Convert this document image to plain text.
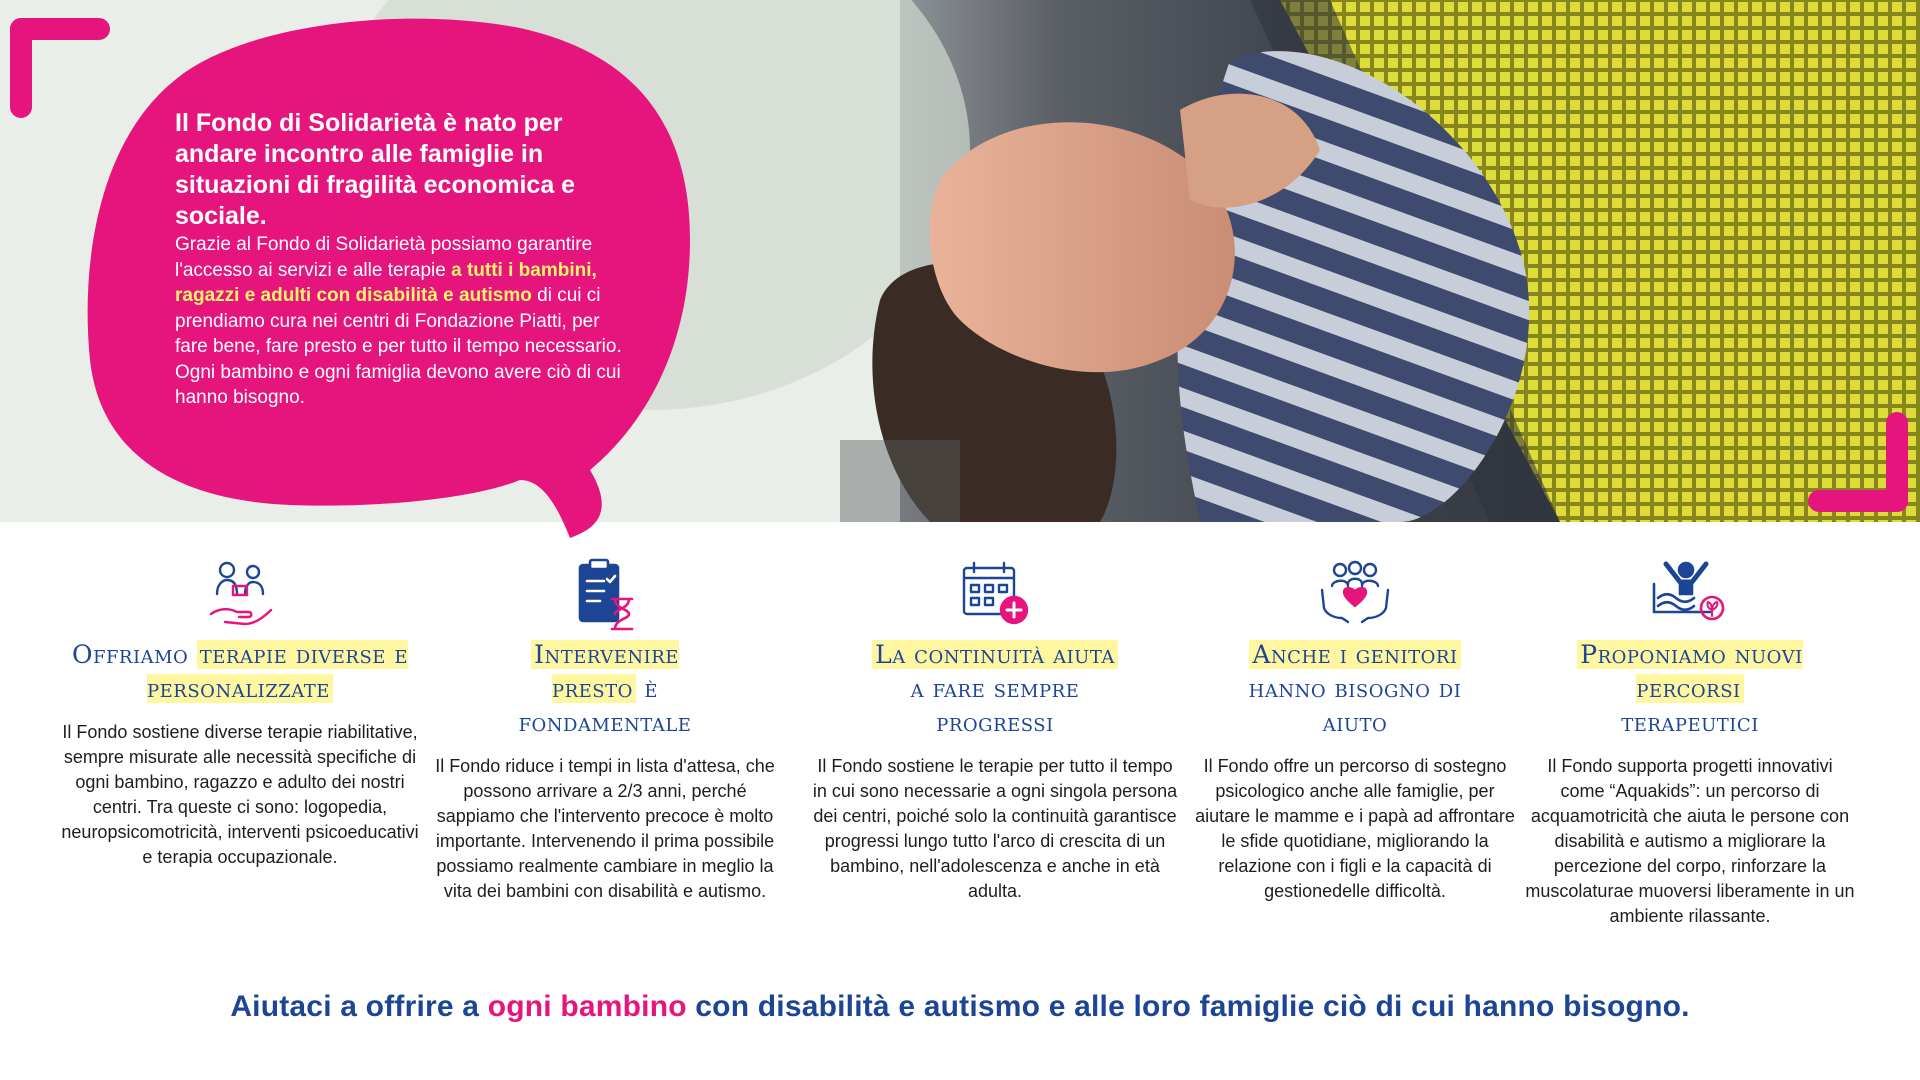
Il Fondo di Solidarietà è nato per andare incontro alle famiglie in situazioni di fragilità economica e sociale.

Grazie al Fondo di Solidarietà possiamo garantire l'accesso ai servizi e alle terapie a tutti i bambini, ragazzi e adulti con disabilità e autismo di cui ci prendiamo cura nei centri di Fondazione Piatti, per fare bene, fare presto e per tutto il tempo necessario. Ogni bambino e ogni famiglia devono avere ciò di cui hanno bisogno.

Offriamo terapie diverse e personalizzate

Il Fondo sostiene diverse terapie riabilitative, sempre misurate alle necessità specifiche di ogni bambino, ragazzo e adulto dei nostri centri. Tra queste ci sono: logopedia, neuropsicomotricità, interventi psicoeducativi e terapia occupazionale.

Intervenire presto è fondamentale

Il Fondo riduce i tempi in lista d'attesa, che possono arrivare a 2/3 anni, perché sappiamo che l'intervento precoce è molto importante. Intervenendo il prima possibile possiamo realmente cambiare in meglio la vita dei bambini con disabilità e autismo.

La continuità aiuta a fare sempre progressi

Il Fondo sostiene le terapie per tutto il tempo in cui sono necessarie a ogni singola persona dei centri, poiché solo la continuità garantisce progressi lungo tutto l'arco di crescita di un bambino, nell'adolescenza e anche in età adulta.

Anche i genitori hanno bisogno di aiuto

Il Fondo offre un percorso di sostegno psicologico anche alle famiglie, per aiutare le mamme e i papà ad affrontare le sfide quotidiane, migliorando la relazione con i figli e la capacità di gestionedelle difficoltà.

Proponiamo nuovi percorsi terapeutici

Il Fondo supporta progetti innovativi come “Aquakids”: un percorso di acquamotricità che aiuta le persone con disabilità e autismo a migliorare la percezione del corpo, rinforzare la muscolaturae muoversi liberamente in un ambiente rilassante.

Aiutaci a offrire a ogni bambino con disabilità e autismo e alle loro famiglie ciò di cui hanno bisogno.
